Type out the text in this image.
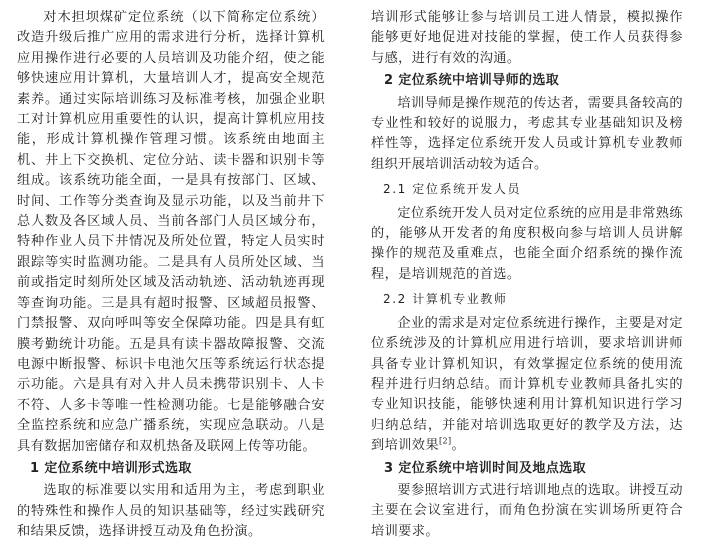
对木担坝煤矿定位系统（以下简称定位系统）改造升级后推广应用的需求进行分析，选择计算机应用操作进行必要的人员培训及功能介绍，使之能够快速应用计算机，大量培训人才，提高安全规范素养。通过实际培训练习及标准考核，加强企业职工对计算机应用重要性的认识，提高计算机应用技能，形成计算机操作管理习惯。该系统由地面主机、井上下交换机、定位分站、读卡器和识别卡等组成。该系统功能全面，一是具有按部门、区域、时间、工作等分类查询及显示功能，以及当前井下总人数及各区域人员、当前各部门人员区域分布，特种作业人员下井情况及所处位置，特定人员实时跟踪等实时监测功能。二是具有人员所处区域、当前或指定时刻所处区域及活动轨迹、活动轨迹再现等查询功能。三是具有超时报警、区域超员报警、门禁报警、双向呼叫等安全保障功能。四是具有虹膜考勤统计功能。五是具有读卡器故障报警、交流电源中断报警、标识卡电池欠压等系统运行状态提示功能。六是具有对入井人员未携带识别卡、人卡不符、人多卡等唯一性检测功能。七是能够融合安全监控系统和应急广播系统，实现应急联动。八是具有数据加密储存和双机热备及联网上传等功能。

1 定位系统中培训形式选取

选取的标准要以实用和适用为主，考虑到职业的特殊性和操作人员的知识基础等，经过实践研究和结果反馈，选择讲授互动及角色扮演。

培训形式能够让参与培训员工进人情景，模拟操作能够更好地促进对技能的掌握，使工作人员获得参与感，进行有效的沟通。

2 定位系统中培训导师的选取

培训导师是操作规范的传达者，需要具备较高的专业性和较好的说服力，考虑其专业基础知识及榜样性等，选择定位系统开发人员或计算机专业教师组织开展培训活动较为适合。

2.1 定位系统开发人员

定位系统开发人员对定位系统的应用是非常熟练的，能够从开发者的角度积极向参与培训人员讲解操作的规范及重难点，也能全面介绍系统的操作流程，是培训规范的首选。

2.2 计算机专业教师

企业的需求是对定位系统进行操作，主要是对定位系统涉及的计算机应用进行培训，要求培训讲师具备专业计算机知识，有效掌握定位系统的使用流程并进行归纳总结。而计算机专业教师具备扎实的专业知识技能，能够快速利用计算机知识进行学习归纳总结，并能对培训选取更好的教学及方法，达到培训效果[2]。

3 定位系统中培训时间及地点选取

要参照培训方式进行培训地点的选取。讲授互动主要在会议室进行，而角色扮演在实训场所更符合培训要求。
